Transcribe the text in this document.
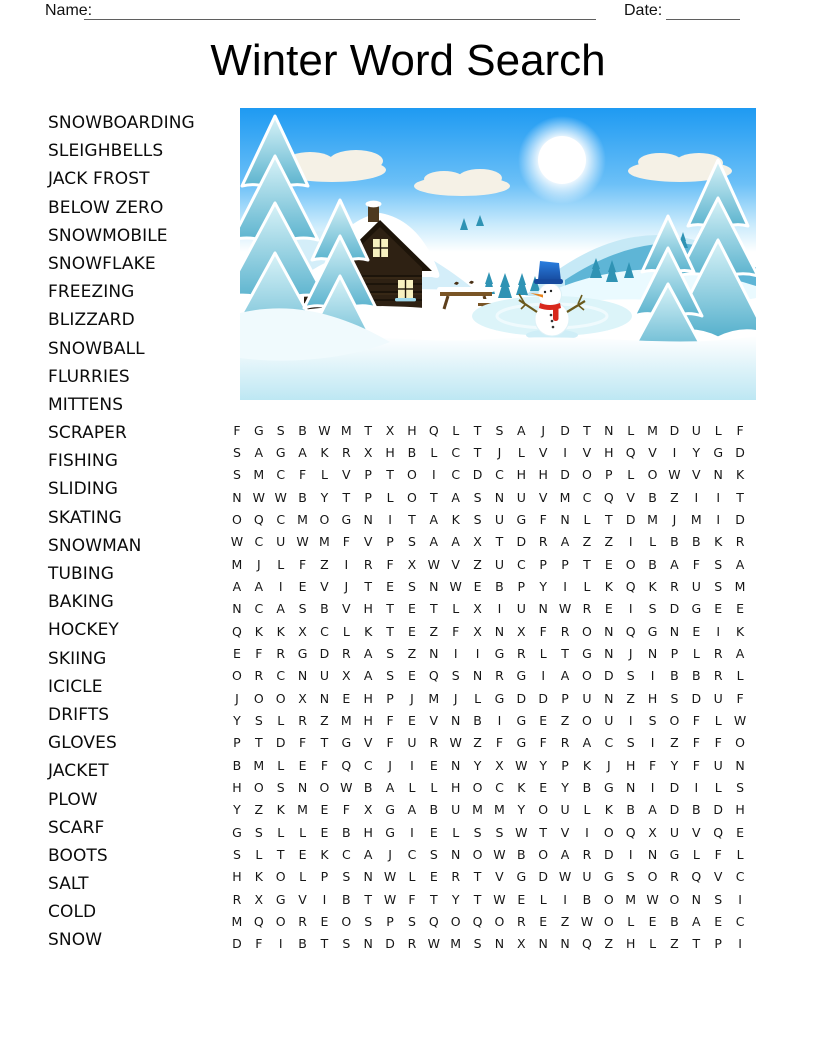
Name:	Date:
Winter Word Search
SNOWBOARDING
SLEIGHBELLS
JACK FROST
BELOW ZERO
SNOWMOBILE
SNOWFLAKE
FREEZING
BLIZZARD
SNOWBALL
FLURRIES
MITTENS
SCRAPER
FISHING
SLIDING
SKATING
SNOWMAN
TUBING
BAKING
HOCKEY
SKIING
ICICLE
DRIFTS
GLOVES
JACKET
PLOW
SCARF
BOOTS
SALT
COLD
SNOW
F	G	S	B W M	T	X	H Q	L	T	S	A	J	D	T	N	L	M D U	L	F
S	A	G	A	K	R	X	H	B	L	C	T	J	L	V	I	V	H Q	V	I	Y	G D
S	M C	F	L	V	P	T	O	I	C	D	C	H H D O	P	L	O W V	N	K
N W W B	Y	T	P	L	O	T	A	S	N	U	V M C	Q	V	B	Z	I	I	T
O Q	C M O G N	I	T	A	K	S	U G	F	N	L	T	D M	J	M	I	D
W C	U W M	F	V	P	S	A	A	X	T	D	R	A	Z	Z	I	L	B	B	K	R
M	J	L	F	Z	I	R	F	X W V	Z	U	C	P	P	T	E	O	B	A	F	S	A
A	A	I	E	V	J	T	E	S	N W E	B	P	Y	I	L	K	Q	K	R	U	S	M
N	C	A	S	B	V	H	T	E	T	L	X	I	U	N W R	E	I	S	D G	E	E
Q	K	K	X	C	L	K	T	E	Z	F	X	N	X	F	R	O N Q G N	E	I	K
E	F	R	G D	R	A	S	Z	N	I	I	G	R	L	T	G N	J	N	P	L	R	A
O	R	C	N	U	X	A	S	E	Q	S	N	R	G	I	A	O D	S	I	B	B	R	L
J	O O	X	N	E	H	P	J	M	J	L	G D D	P	U	N	Z	H	S	D U	F
Y	S	L	R	Z M H	F	E	V	N	B	I	G	E	Z	O U	I	S	O	F	L W
P	T	D	F	T	G	V	F	U	R W Z	F	G	F	R	A	C	S	I	Z	F	F	O
B M	L	E	F	Q	C	J	I	E	N	Y	X W Y	P	K	J	H	F	Y	F	U	N
H O	S	N O W B	A	L	L	H O	C	K	E	Y	B	G N	I	D	I	L	S
Y	Z	K M	E	F	X	G	A	B	U M M	Y	O U	L	K	B	A	D	B	D H
G	S	L	L	E	B	H G	I	E	L	S	S W T	V	I	O Q	X	U	V	Q	E
S	L	T	E	K	C	A	J	C	S	N O W B	O	A	R	D	I	N G	L	F	L
H	K	O	L	P	S	N W L	E	R	T	V	G D W U G	S	O	R	Q	V	C
R	X	G	V	I	B	T W F	T	Y	T W E	L	I	B	O M W O N	S	I
M Q O	R	E	O	S	P	S	Q O Q O	R	E	Z W O	L	E	B	A	E	C
D	F	I	B	T	S	N D	R W M	S	N	X	N	N Q	Z	H	L	Z	T	P	I
